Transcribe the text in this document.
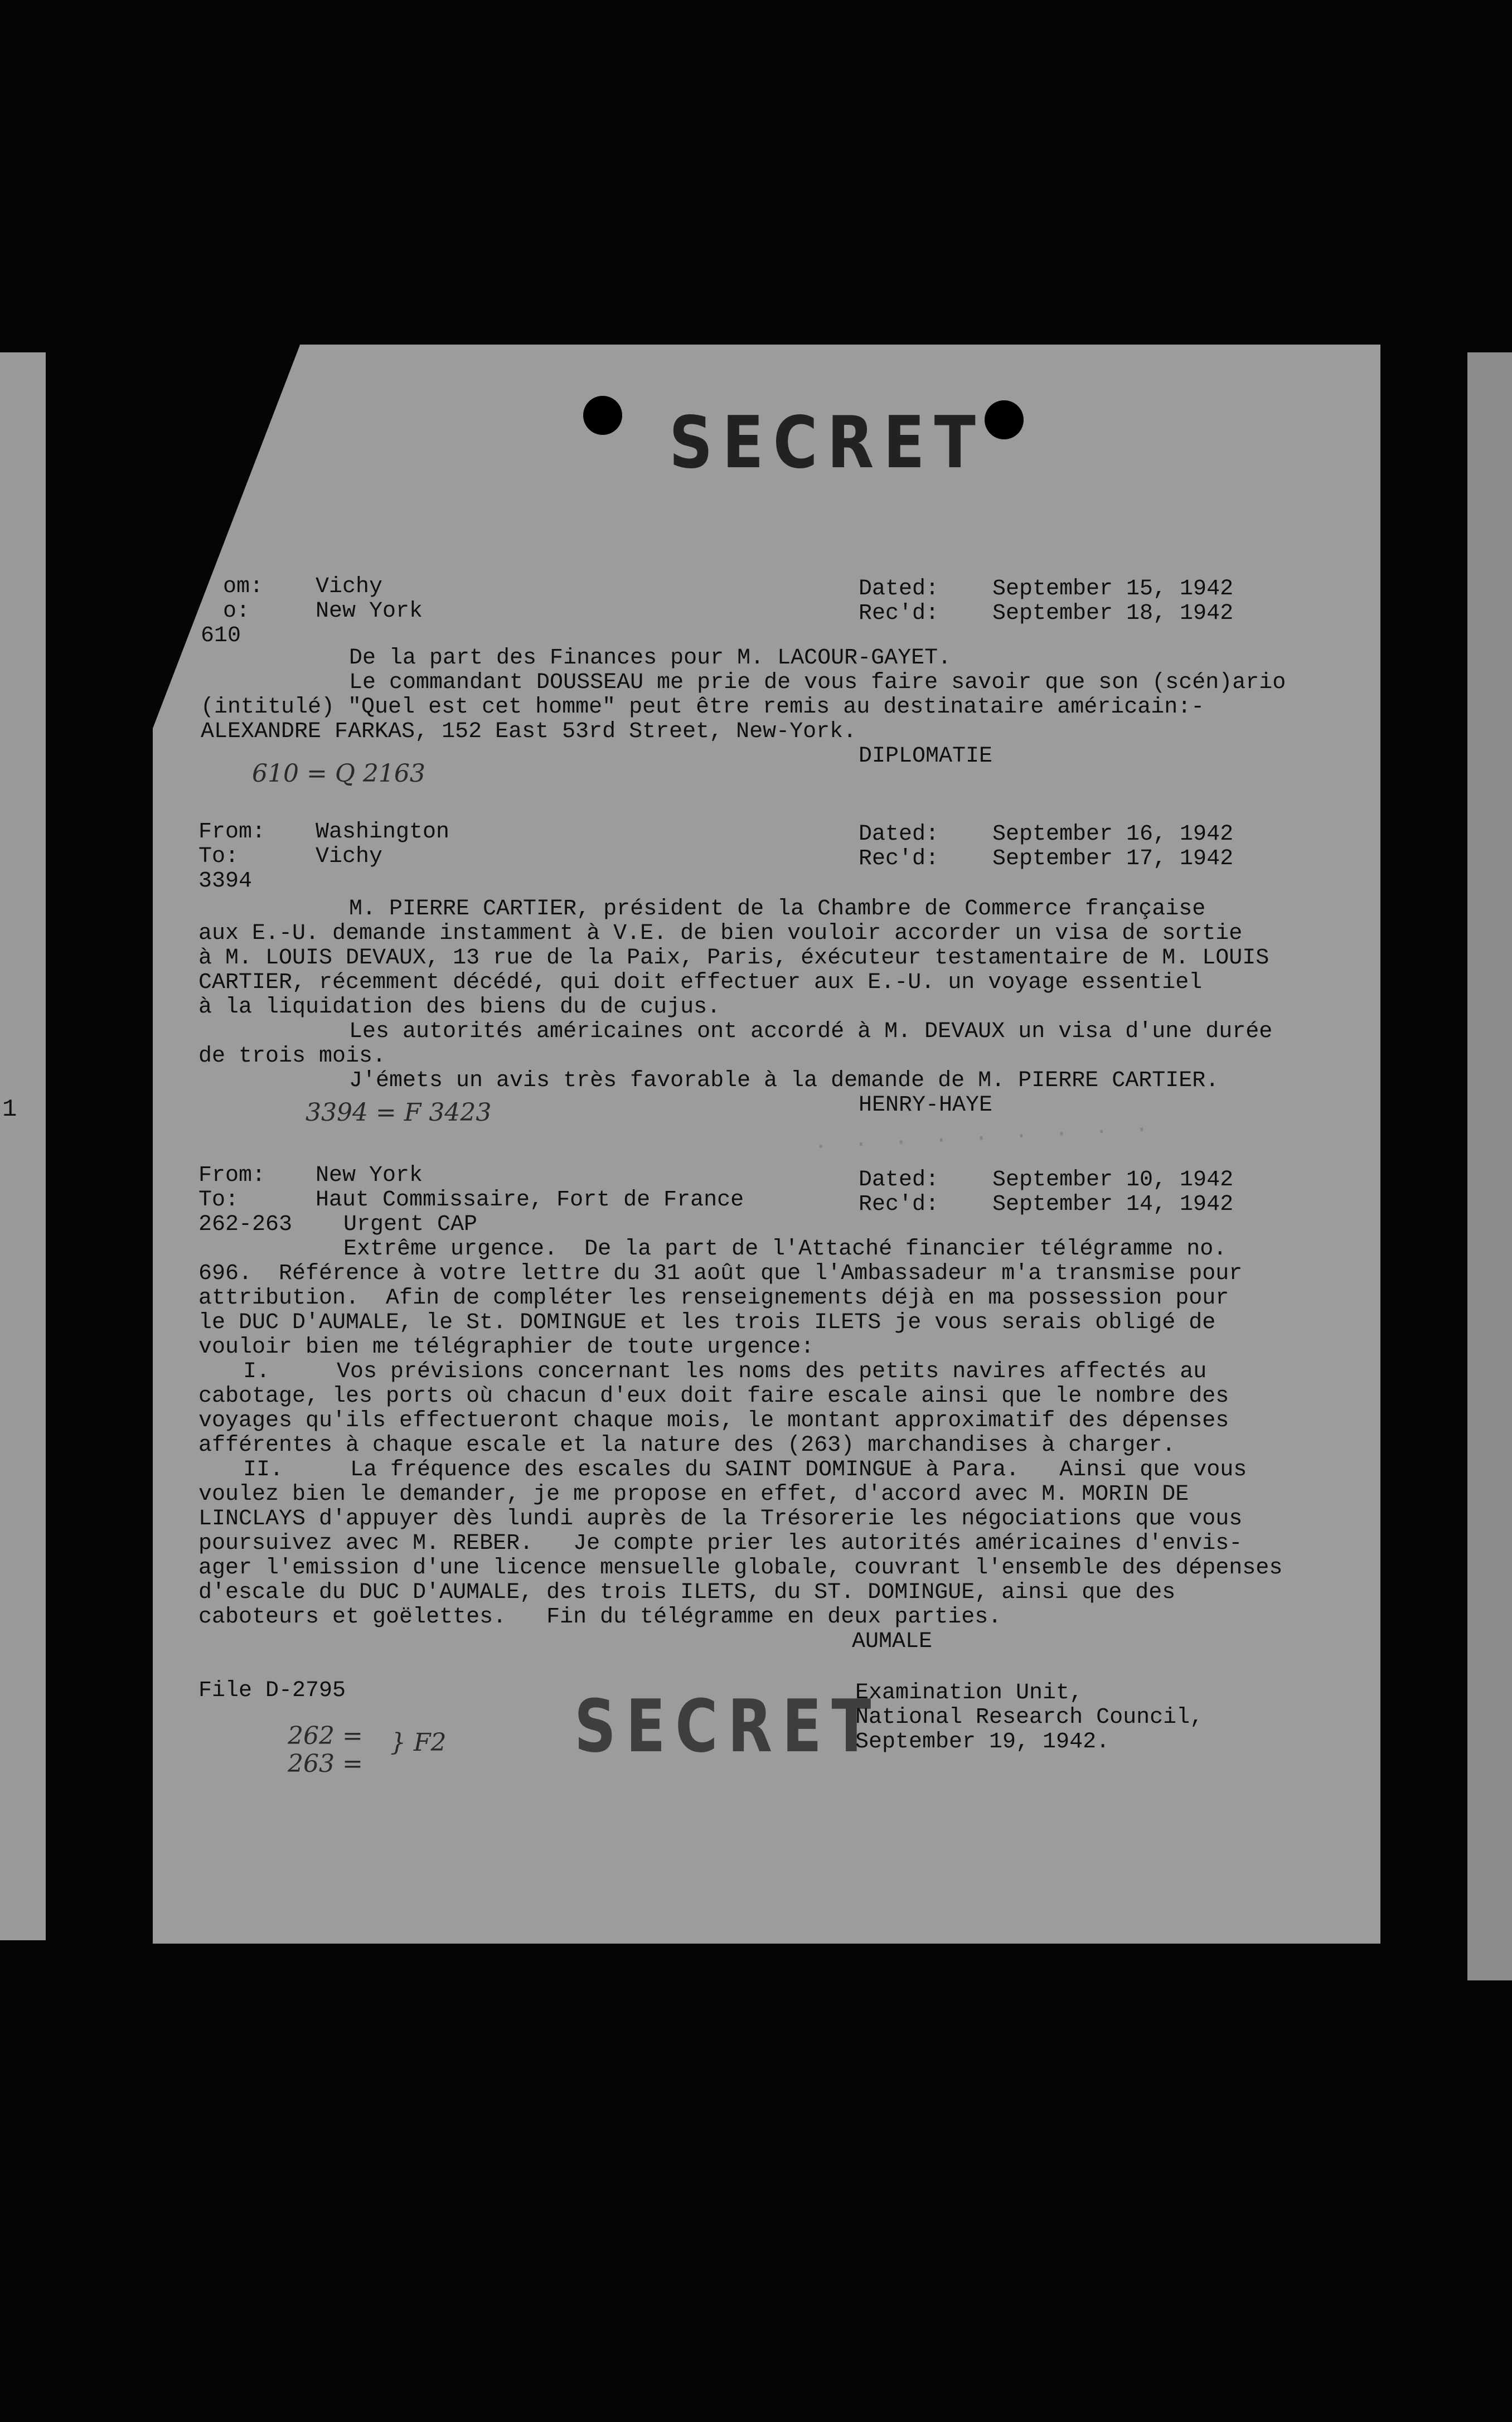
1
SECRET
om: Vichy
o:	New York
610
Dated: September 15, 1942
Rec'd: September 18, 1942
De la part des Finances pour M. LACOUR-GAYET.
Le commandant DOUSSEAU me prie de vous faire savoir que son (scén)ario
(intitulé) "Quel est cet homme" peut être remis au destinataire américain:-
ALEXANDRE FARKAS, 152 East 53rd Street, New-York.
DIPLOMATIE
610 = Q 2163
From: Washington
To:	Vichy
3394
Dated: September 16, 1942
Rec'd: September 17, 1942
M. PIERRE CARTIER, président de la Chambre de Commerce française
aux E.-U. demande instamment à V.E. de bien vouloir accorder un visa de sortie
à M. LOUIS DEVAUX, 13 rue de la Paix, Paris, éxécuteur testamentaire de M. LOUIS
CARTIER, récemment décédé, qui doit effectuer aux E.-U. un voyage essentiel
à la liquidation des biens du de cujus.
Les autorités américaines ont accordé à M. DEVAUX un visa d'une durée
de trois mois.
J'émets un avis très favorable à la demande de M. PIERRE CARTIER.
HENRY-HAYE
3394 = F 3423
·  ·  ·  ·  ·  ·  ·  ·  ·
From: New York
To:	Haut Commissaire, Fort de France
262-263 Urgent CAP
Dated: September 10, 1942
Rec'd: September 14, 1942
Extrême urgence.  De la part de l'Attaché financier télégramme no.
696.  Référence à votre lettre du 31 août que l'Ambassadeur m'a transmise pour
attribution.  Afin de compléter les renseignements déjà en ma possession pour
le DUC D'AUMALE, le St. DOMINGUE et les trois ILETS je vous serais obligé de
vouloir bien me télégraphier de toute urgence:
I.     Vos prévisions concernant les noms des petits navires affectés au
cabotage, les ports où chacun d'eux doit faire escale ainsi que le nombre des
voyages qu'ils effectueront chaque mois, le montant approximatif des dépenses
afférentes à chaque escale et la nature des (263) marchandises à charger.
II.     La fréquence des escales du SAINT DOMINGUE à Para.   Ainsi que vous
voulez bien le demander, je me propose en effet, d'accord avec M. MORIN DE
LINCLAYS d'appuyer dès lundi auprès de la Trésorerie les négociations que vous
poursuivez avec M. REBER.   Je compte prier les autorités américaines d'envis-
ager l'emission d'une licence mensuelle globale, couvrant l'ensemble des dépenses
d'escale du DUC D'AUMALE, des trois ILETS, du ST. DOMINGUE, ainsi que des
caboteurs et goëlettes.   Fin du télégramme en deux parties.
AUMALE
File D-2795
262 =
263 =
} F2 SECRET
Examination Unit,
National Research Council,
September 19, 1942.
